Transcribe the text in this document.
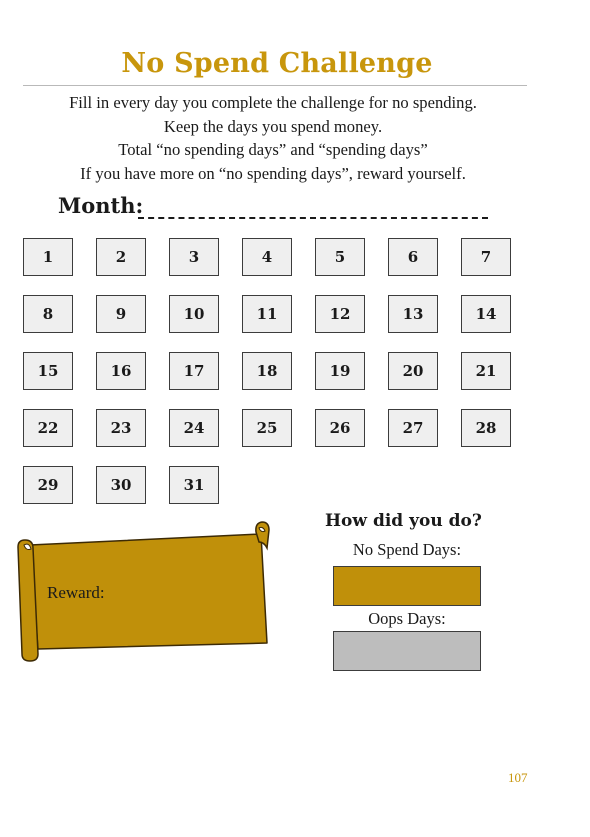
No Spend Challenge
Fill in every day you complete the challenge for no spending.
Keep the days you spend money.
Total “no spending days” and “spending days”
If you have more on “no spending days”, reward yourself.
Month:
1	2	3	4	5	6	7
8	9	10	11	12	13	14
15	16	17	18	19	20	21
22	23	24	25	26	27	28
29	30	31
Reward:
How did you do?
No Spend Days:
Oops Days:
107
